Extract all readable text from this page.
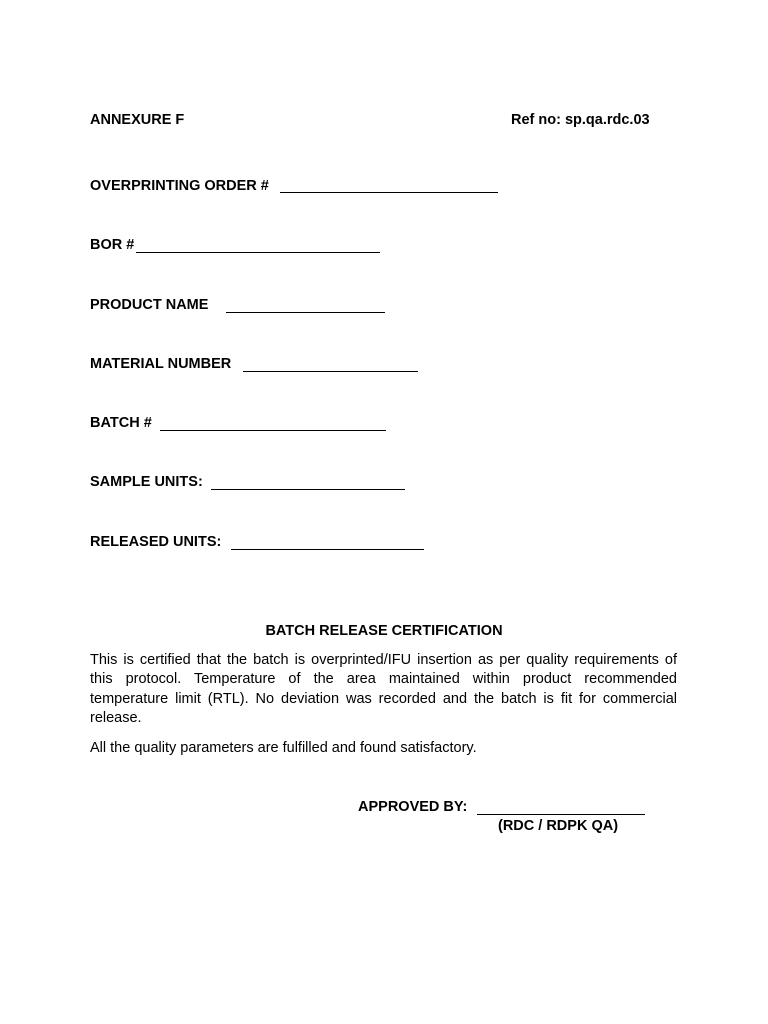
ANNEXURE F	Ref no: sp.qa.rdc.03
OVERPRINTING ORDER #
BOR #
PRODUCT NAME
MATERIAL NUMBER
BATCH #
SAMPLE UNITS:
RELEASED UNITS:
BATCH RELEASE CERTIFICATION
This is certified that the batch is overprinted/IFU insertion as per quality requirements of this protocol. Temperature of the area maintained within product recommended temperature limit (RTL). No deviation was recorded and the batch is fit for commercial release.
All the quality parameters are fulfilled and found satisfactory.
APPROVED BY:
(RDC / RDPK QA)
